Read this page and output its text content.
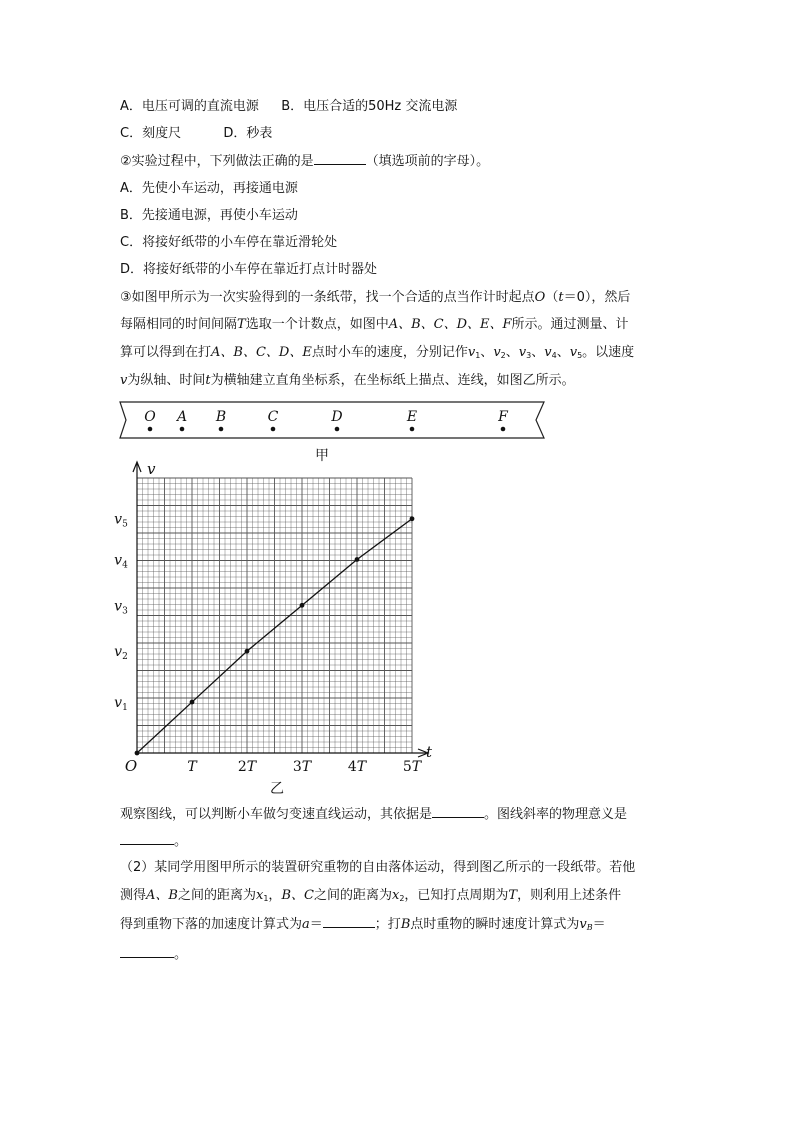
A．电压可调的直流电源 B．电压合适的50Hz 交流电源
C．刻度尺	D．秒表
②实验过程中，下列做法正确的是	（填选项前的字母）。
A．先使小车运动，再接通电源
B．先接通电源，再使小车运动
C．将接好纸带的小车停在靠近滑轮处
D．将接好纸带的小车停在靠近打点计时器处
③如图甲所示为一次实验得到的一条纸带，找一个合适的点当作计时起点O（t＝0），然后
每隔相同的时间间隔T选取一个计数点，如图中A、B、C、D、E、F所示。通过测量、计
算可以得到在打A、B、C、D、E点时小车的速度，分别记作$v_1$、$v_2$、$v_3$、$v_4$、$v_5$。以速度
v为纵轴、时间t为横轴建立直角坐标系，在坐标纸上描点、连线，如图乙所示。
O A B	C	D	E	F
甲
v
t
O	T	2T	3T	4T	5T
$v_1$
$v_2$
$v_3$
$v_4$
$v_5$
乙
观察图线，可以判断小车做匀变速直线运动，其依据是	。图线斜率的物理意义是
。
（2）某同学用图甲所示的装置研究重物的自由落体运动，得到图乙所示的一段纸带。若他
测得A、B之间的距离为$x_1$，B、C之间的距离为$x_2$，已知打点周期为T，则利用上述条件
得到重物下落的加速度计算式为a＝	；打B点时重物的瞬时速度计算式为$v_B=$
。
